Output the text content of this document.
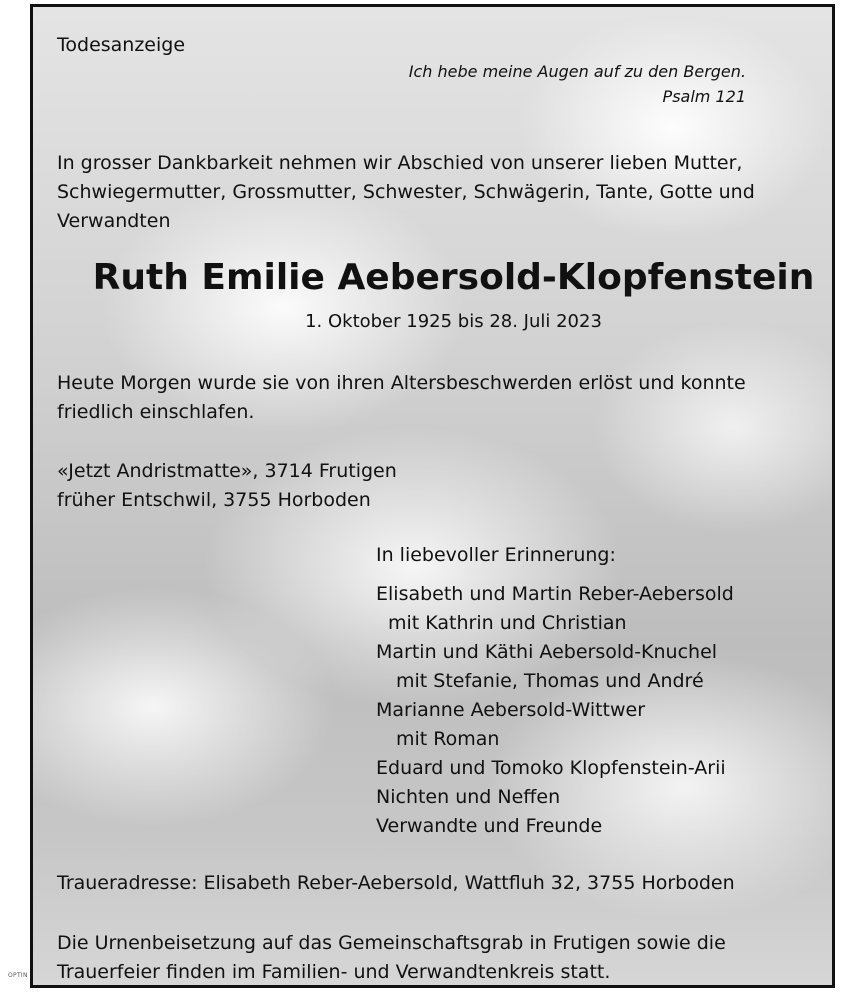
Todesanzeige

Ich hebe meine Augen auf zu den Bergen.
Psalm 121
In grosser Dankbarkeit nehmen wir Abschied von unserer lieben Mutter,
Schwiegermutter, Grossmutter, Schwester, Schwägerin, Tante, Gotte und
Verwandten
Ruth Emilie Aebersold-Klopfenstein

1. Oktober 1925 bis 28. Juli 2023

Heute Morgen wurde sie von ihren Altersbeschwerden erlöst und konnte
friedlich einschlafen.
«Jetzt Andristmatte», 3714 Frutigen
früher Entschwil, 3755 Horboden

In liebevoller Erinnerung:

Elisabeth und Martin Reber-Aebersold
mit Kathrin und Christian
Martin und Käthi Aebersold-Knuchel
mit Stefanie, Thomas und André
Marianne Aebersold-Wittwer
mit Roman
Eduard und Tomoko Klopfenstein-Arii
Nichten und Neffen
Verwandte und Freunde

Traueradresse: Elisabeth Reber-Aebersold, Wattfluh 32, 3755 Horboden

Die Urnenbeisetzung auf das Gemeinschaftsgrab in Frutigen sowie die
Trauerfeier finden im Familien- und Verwandtenkreis statt.
OPTIN
